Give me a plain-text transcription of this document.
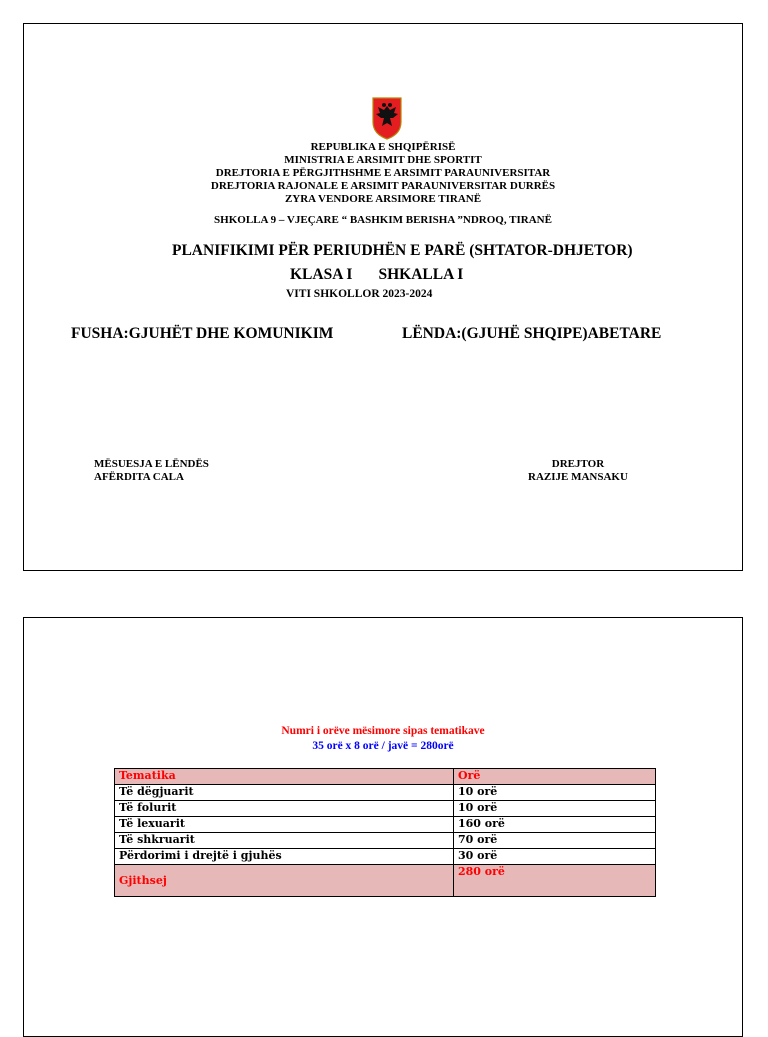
REPUBLIKA E SHQIPËRISË
MINISTRIA E ARSIMIT DHE SPORTIT
DREJTORIA E PËRGJITHSHME E ARSIMIT PARAUNIVERSITAR
DREJTORIA RAJONALE E ARSIMIT PARAUNIVERSITAR DURRËS
ZYRA VENDORE ARSIMORE TIRANË
SHKOLLA 9 – VJEÇARE “ BASHKIM BERISHA ”NDROQ, TIRANË
PLANIFIKIMI PËR PERIUDHËN E PARË (SHTATOR-DHJETOR)
KLASA I SHKALLA I
VITI SHKOLLOR 2023-2024
FUSHA:GJUHËT DHE KOMUNIKIM	LËNDA:(GJUHË SHQIPE)ABETARE
MËSUESJA E LËNDËS
AFËRDITA CALA
DREJTOR
RAZIJE MANSAKU
Numri i orëve mësimore sipas tematikave
35 orë x 8 orë / javë = 280orë
Tematika	Orë
Të dëgjuarit	10 orë
Të folurit	10 orë
Të lexuarit	160 orë
Të shkruarit	70 orë
Përdorimi i drejtë i gjuhës	30 orë
Gjithsej	280 orë
